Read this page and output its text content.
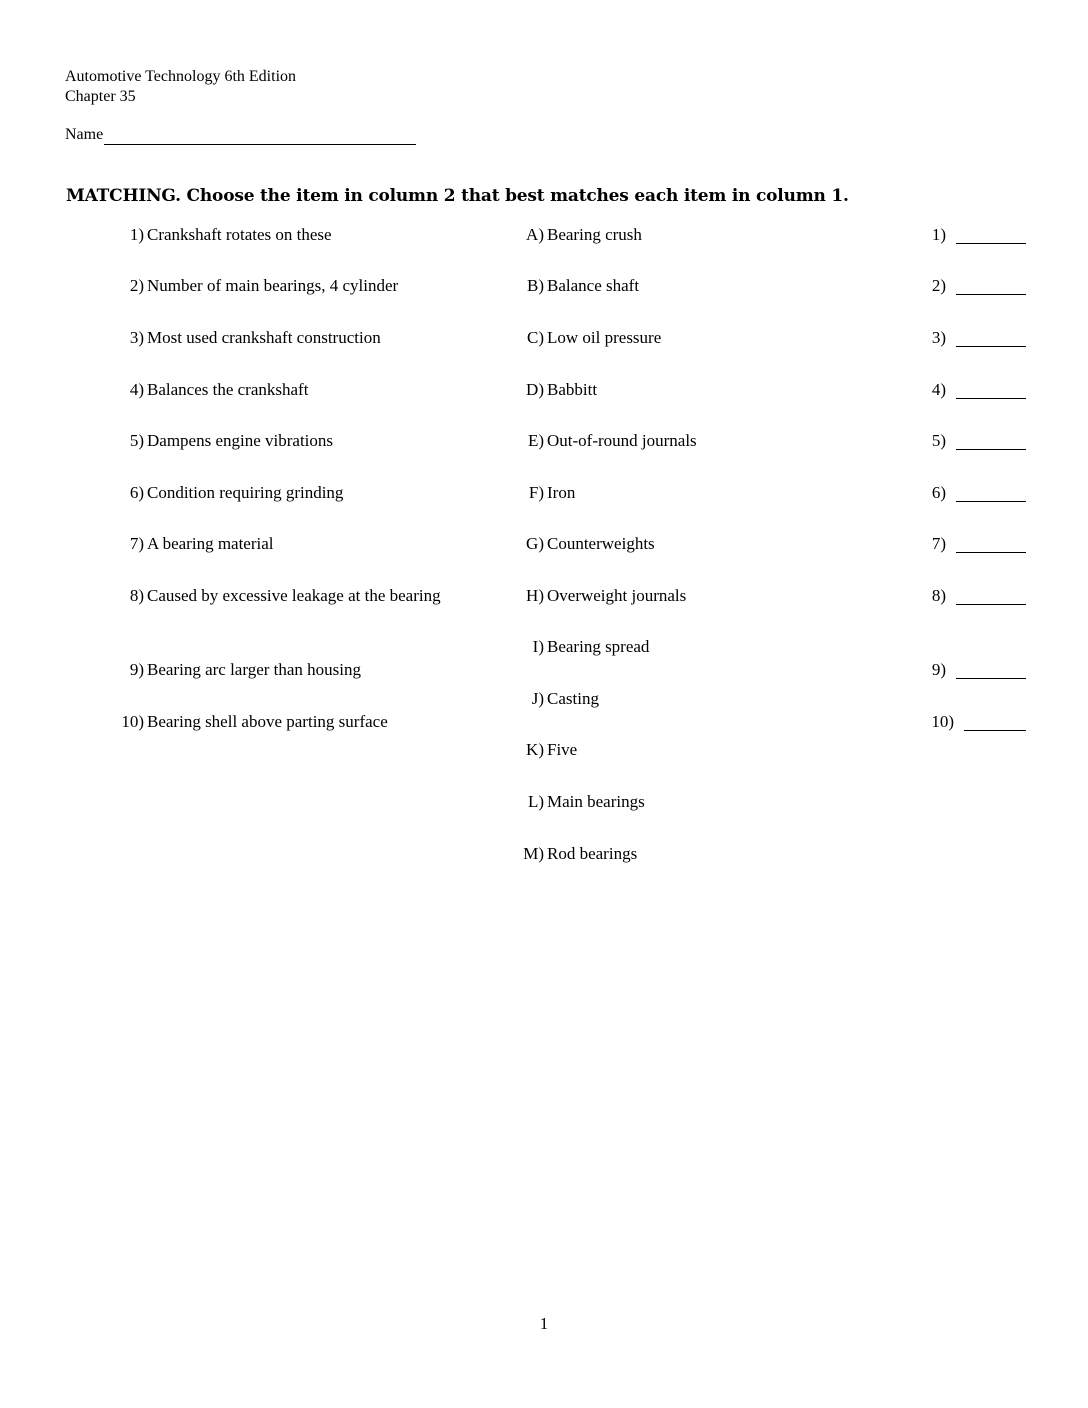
Automotive Technology 6th Edition
Chapter 35
Name
MATCHING. Choose the item in column 2 that best matches each item in column 1.
1) Crankshaft rotates on these
2) Number of main bearings, 4 cylinder
3) Most used crankshaft construction
4) Balances the crankshaft
5) Dampens engine vibrations
6) Condition requiring grinding
7) A bearing material
8) Caused by excessive leakage at the bearing
9) Bearing arc larger than housing
10) Bearing shell above parting surface
A) Bearing crush
B) Balance shaft
C) Low oil pressure
D) Babbitt
E) Out-of-round journals
F) Iron
G) Counterweights
H) Overweight journals
I) Bearing spread
J) Casting
K) Five
L) Main bearings
M) Rod bearings
1)
2)
3)
4)
5)
6)
7)
8)
9)
10)
1
